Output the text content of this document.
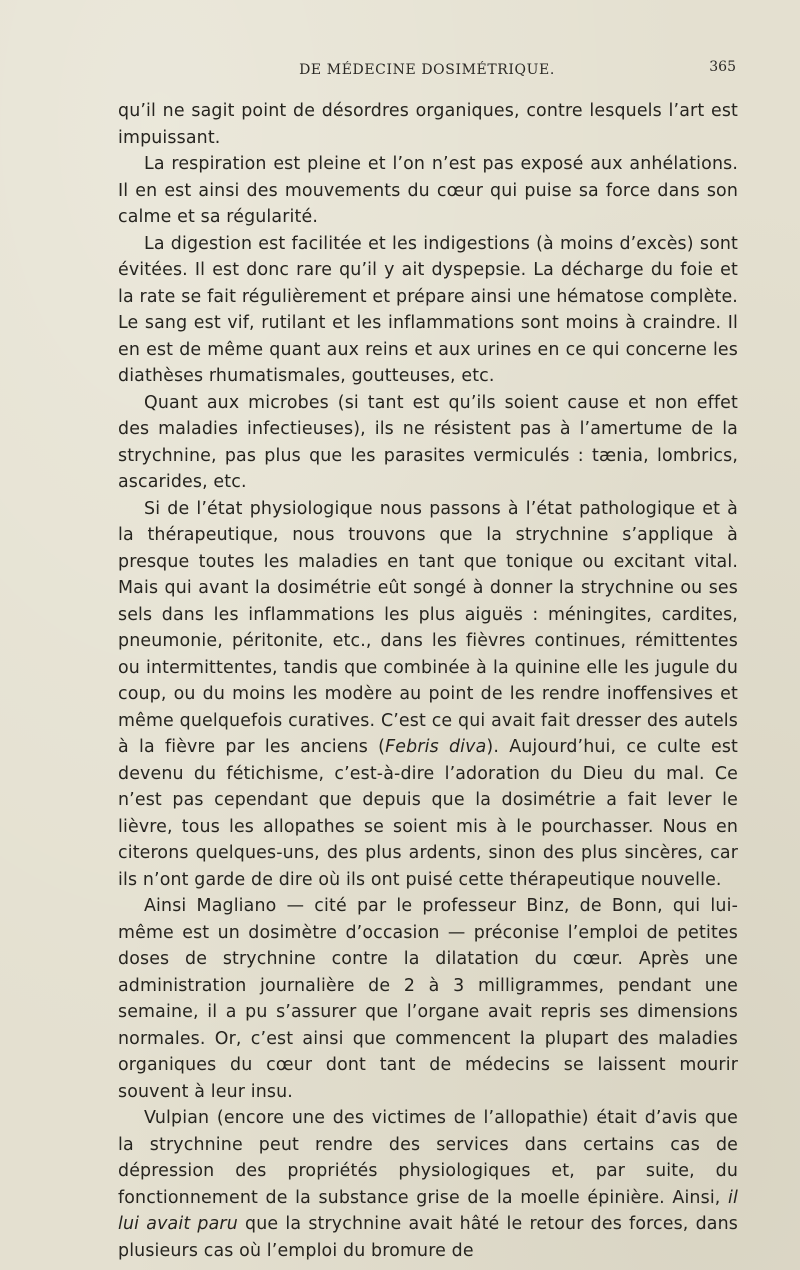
DE MÉDECINE DOSIMÉTRIQUE.	365

qu’il ne sagit point de désordres organiques, contre lesquels l’art est impuissant.

La respiration est pleine et l’on n’est pas exposé aux anhélations. Il en est ainsi des mouvements du cœur qui puise sa force dans son calme et sa régularité.

La digestion est facilitée et les indigestions (à moins d’excès) sont évitées. Il est donc rare qu’il y ait dyspepsie. La décharge du foie et la rate se fait régulièrement et prépare ainsi une hématose complète. Le sang est vif, rutilant et les inflammations sont moins à craindre. Il en est de même quant aux reins et aux urines en ce qui concerne les diathèses rhumatismales, goutteuses, etc.

Quant aux microbes (si tant est qu’ils soient cause et non effet des maladies infectieuses), ils ne résistent pas à l’amertume de la strychnine, pas plus que les parasites vermiculés : tænia, lombrics, ascarides, etc.

Si de l’état physiologique nous passons à l’état pathologique et à la thérapeutique, nous trouvons que la strychnine s’applique à presque toutes les maladies en tant que tonique ou excitant vital. Mais qui avant la dosimétrie eût songé à donner la strychnine ou ses sels dans les inflammations les plus aiguës : méningites, cardites, pneumonie, péritonite, etc., dans les fièvres continues, rémittentes ou intermittentes, tandis que combinée à la quinine elle les jugule du coup, ou du moins les modère au point de les rendre inoffensives et même quelquefois curatives. C’est ce qui avait fait dresser des autels à la fièvre par les anciens (Febris diva). Aujourd’hui, ce culte est devenu du fétichisme, c’est-à-dire l’adoration du Dieu du mal. Ce n’est pas cependant que depuis que la dosimétrie a fait lever le lièvre, tous les allopathes se soient mis à le pourchasser. Nous en citerons quelques-uns, des plus ardents, sinon des plus sincères, car ils n’ont garde de dire où ils ont puisé cette thérapeutique nouvelle.

Ainsi Magliano — cité par le professeur Binz, de Bonn, qui lui-même est un dosimètre d’occasion — préconise l’emploi de petites doses de strychnine contre la dilatation du cœur. Après une administration journalière de 2 à 3 milligrammes, pendant une semaine, il a pu s’assurer que l’organe avait repris ses dimensions normales. Or, c’est ainsi que commencent la plupart des maladies organiques du cœur dont tant de médecins se laissent mourir souvent à leur insu.

Vulpian (encore une des victimes de l’allopathie) était d’avis que la strychnine peut rendre des services dans certains cas de dépression des propriétés physiologiques et, par suite, du fonctionnement de la substance grise de la moelle épinière. Ainsi, il lui avait paru que la strychnine avait hâté le retour des forces, dans plusieurs cas où l’emploi du bromure de
